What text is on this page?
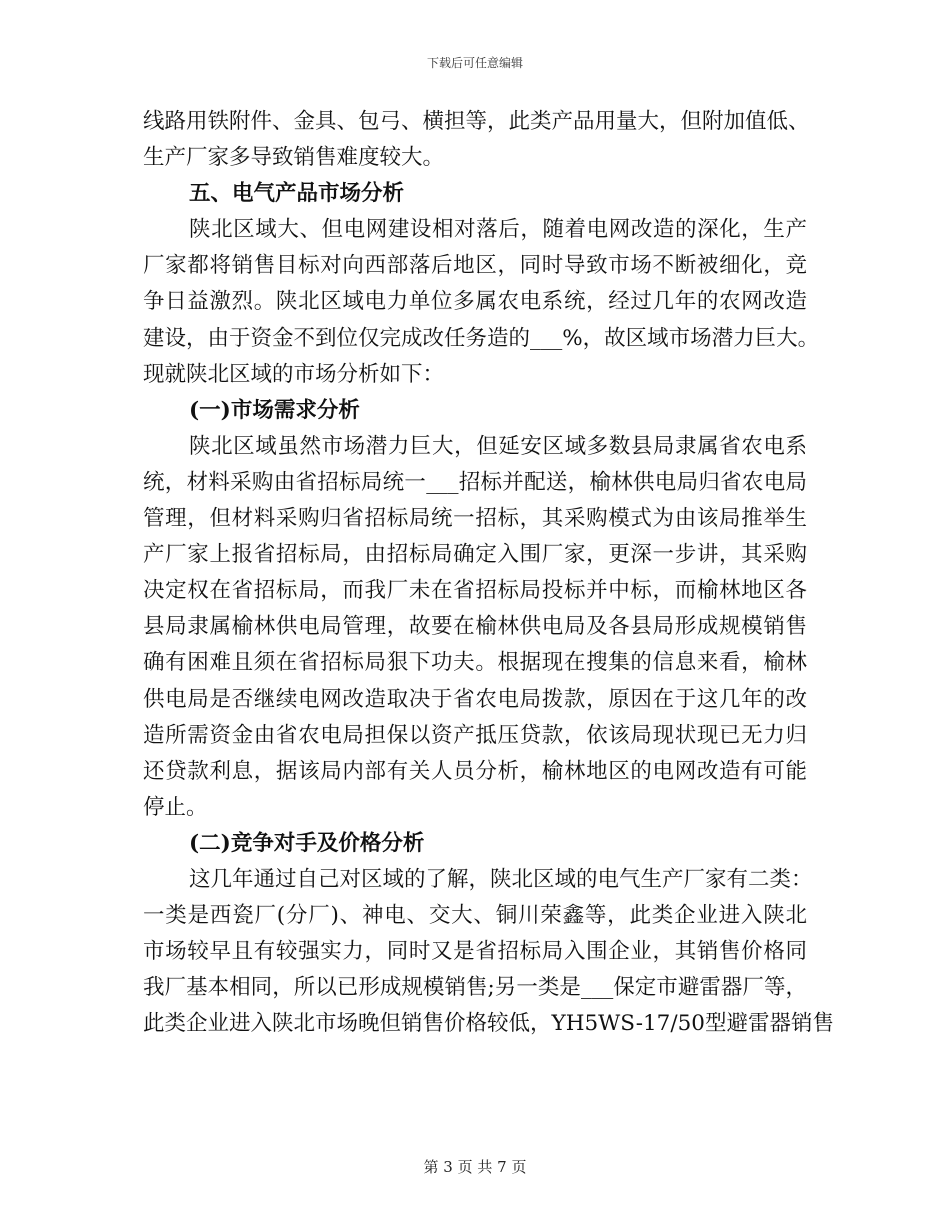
下载后可任意编辑
线路用铁附件、金具、包弓、横担等，此类产品用量大，但附加值低、
生产厂家多导致销售难度较大。
五、电气产品市场分析
陕北区域大、但电网建设相对落后，随着电网改造的深化，生产
厂家都将销售目标对向西部落后地区，同时导致市场不断被细化，竞
争日益激烈。陕北区域电力单位多属农电系统，经过几年的农网改造
建设，由于资金不到位仅完成改任务造的___%，故区域市场潜力巨大。
现就陕北区域的市场分析如下：
(一)市场需求分析
陕北区域虽然市场潜力巨大，但延安区域多数县局隶属省农电系
统，材料采购由省招标局统一___招标并配送，榆林供电局归省农电局
管理，但材料采购归省招标局统一招标，其采购模式为由该局推举生
产厂家上报省招标局，由招标局确定入围厂家，更深一步讲，其采购
决定权在省招标局，而我厂未在省招标局投标并中标，而榆林地区各
县局隶属榆林供电局管理，故要在榆林供电局及各县局形成规模销售
确有困难且须在省招标局狠下功夫。根据现在搜集的信息来看，榆林
供电局是否继续电网改造取决于省农电局拨款，原因在于这几年的改
造所需资金由省农电局担保以资产抵压贷款，依该局现状现已无力归
还贷款利息，据该局内部有关人员分析，榆林地区的电网改造有可能
停止。
(二)竞争对手及价格分析
这几年通过自己对区域的了解，陕北区域的电气生产厂家有二类：
一类是西瓷厂(分厂)、神电、交大、铜川荣鑫等，此类企业进入陕北
市场较早且有较强实力，同时又是省招标局入围企业，其销售价格同
我厂基本相同，所以已形成规模销售;另一类是___保定市避雷器厂等，
此类企业进入陕北市场晚但销售价格较低，YH5WS-17/50型避雷器销售
第 3 页 共 7 页
